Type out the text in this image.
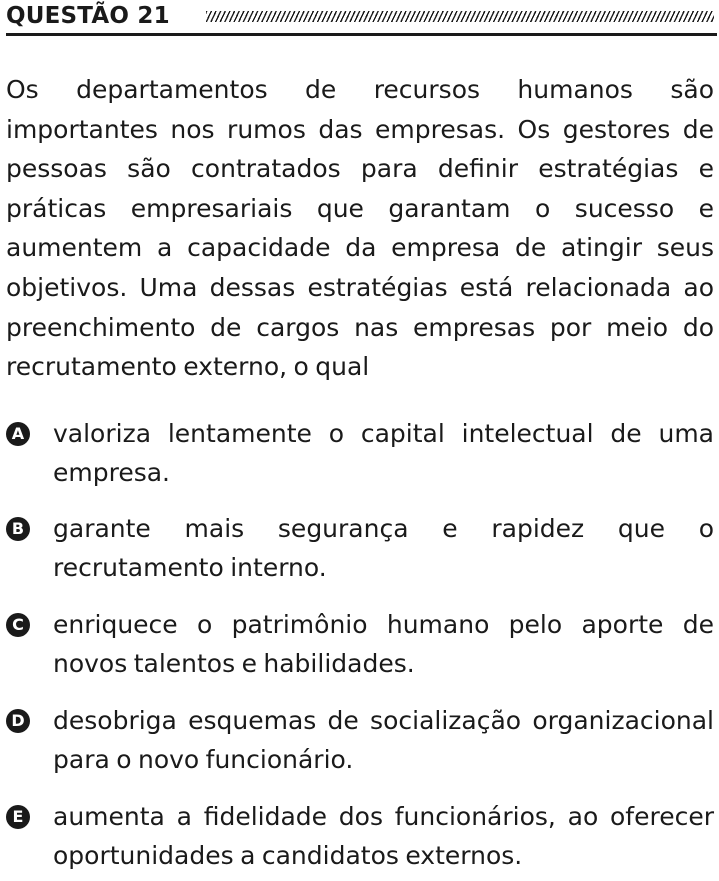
QUESTÃO 21

Os departamentos de recursos humanos são importantes nos rumos das empresas. Os gestores de pessoas são contratados para definir estratégias e práticas empresariais que garantam o sucesso e aumentem a capacidade da empresa de atingir seus objetivos. Uma dessas estratégias está relacionada ao preenchimento de cargos nas empresas por meio do recrutamento externo, o qual

A valoriza lentamente o capital intelectual de uma empresa.
B garante mais segurança e rapidez que o recrutamento interno.
C enriquece o patrimônio humano pelo aporte de novos talentos e habilidades.
D desobriga esquemas de socialização organizacional para o novo funcionário.
E aumenta a fidelidade dos funcionários, ao oferecer oportunidades a candidatos externos.
